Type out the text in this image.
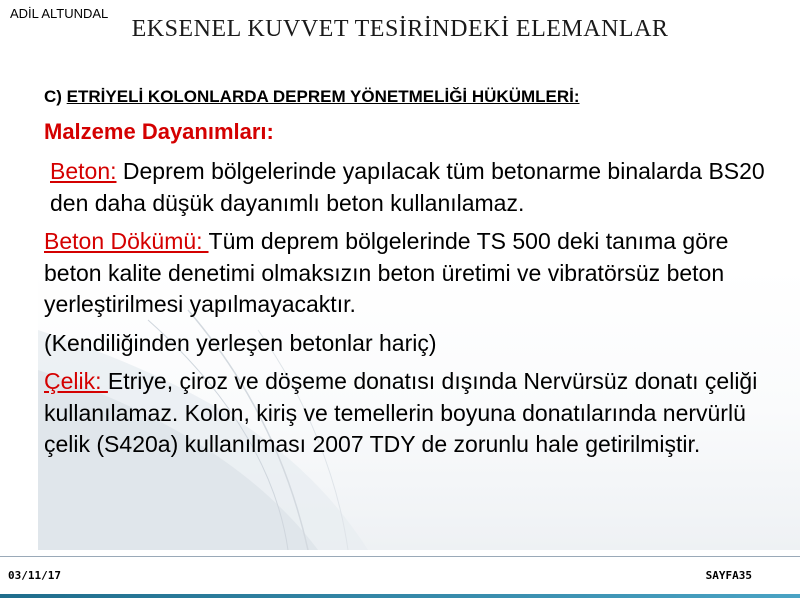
ADİL ALTUNDAL
EKSENEL KUVVET TESİRİNDEKİ ELEMANLAR
C) ETRİYELİ KOLONLARDA DEPREM YÖNETMELİĞİ HÜKÜMLERİ:
Malzeme Dayanımları:
Beton: Deprem bölgelerinde yapılacak tüm betonarme binalarda BS20 den daha düşük dayanımlı beton kullanılamaz.
Beton Dökümü: Tüm deprem bölgelerinde TS 500 deki tanıma göre beton kalite denetimi olmaksızın beton üretimi ve vibratörsüz beton yerleştirilmesi yapılmayacaktır.
(Kendiliğinden yerleşen betonlar hariç)
Çelik: Etriye, çiroz ve döşeme donatısı dışında Nervürsüz donatı çeliği kullanılamaz. Kolon, kiriş ve temellerin boyuna donatılarında nervürlü çelik (S420a) kullanılması 2007 TDY de zorunlu hale getirilmiştir.
03/11/17	SAYFA35
